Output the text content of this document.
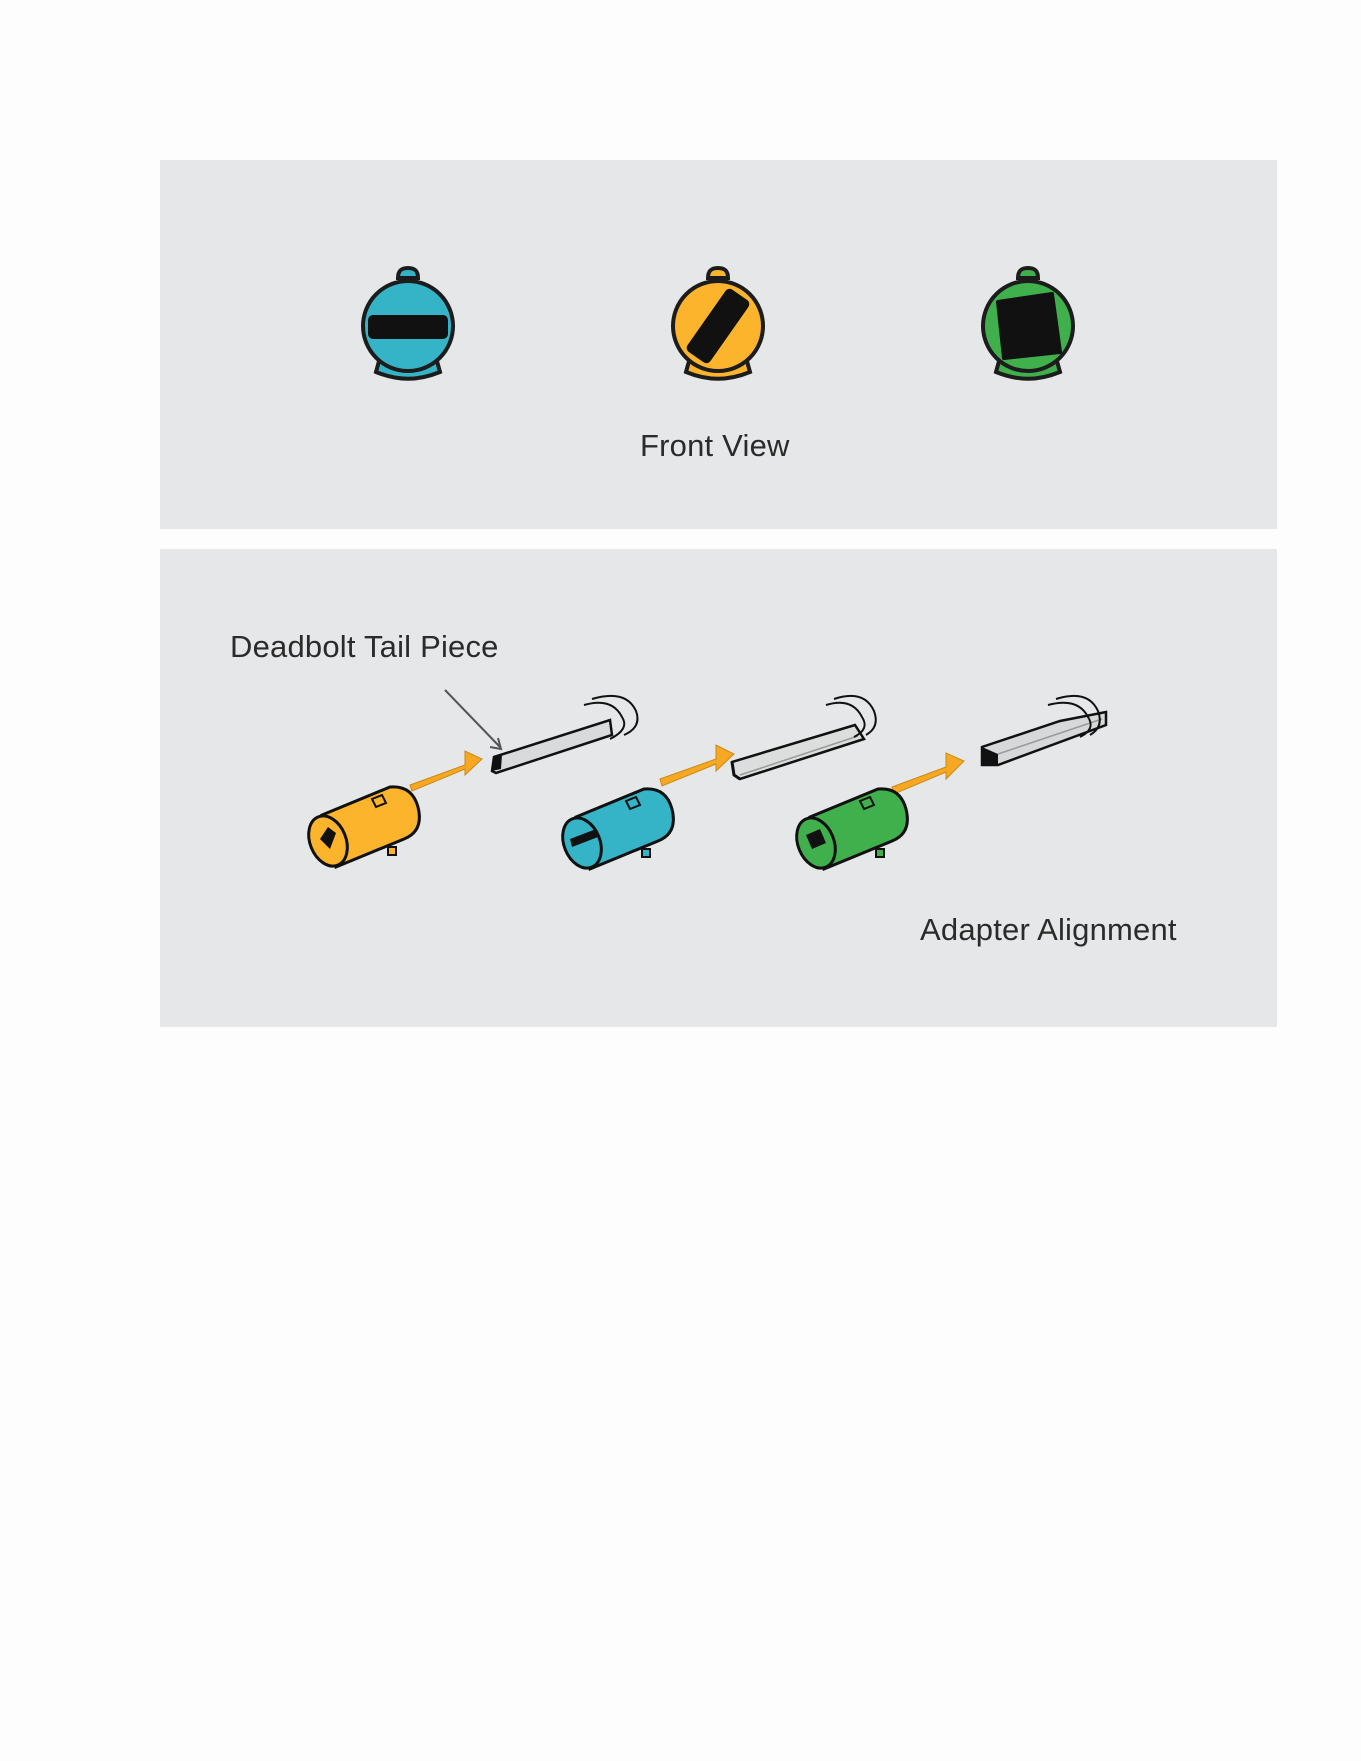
Front View
Deadbolt Tail Piece
Adapter Alignment
